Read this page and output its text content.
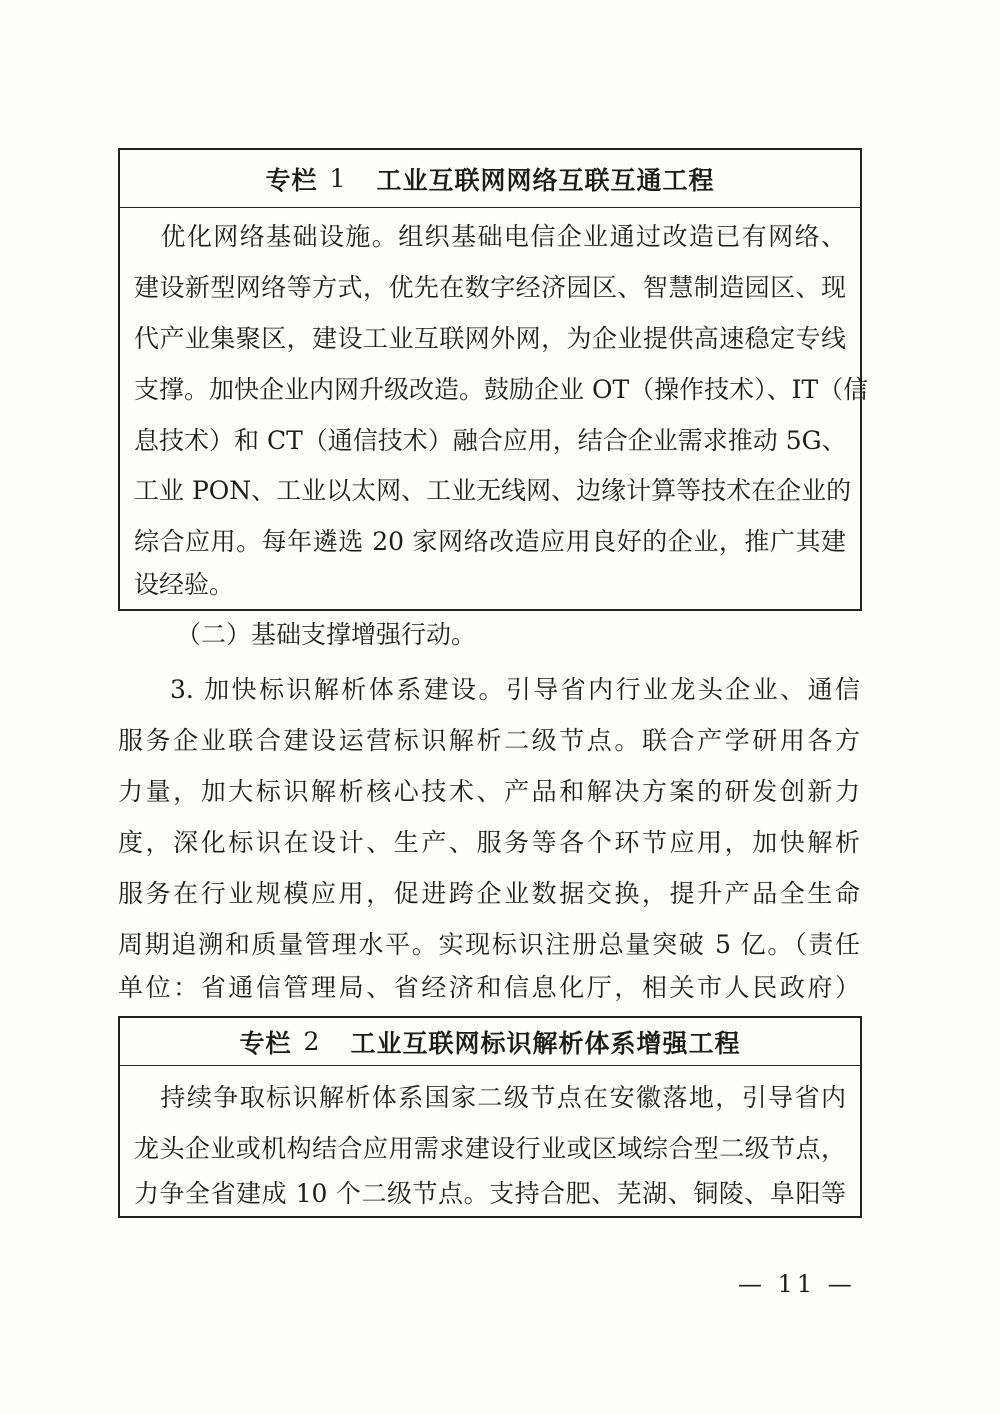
专栏 1 工业互联网网络互联互通工程
　优化网络基础设施。组织基础电信企业通过改造已有网络、
建设新型网络等方式，优先在数字经济园区、智慧制造园区、现
代产业集聚区，建设工业互联网外网，为企业提供高速稳定专线
支撑。加快企业内网升级改造。鼓励企业 OT（操作技术）、IT（信
息技术）和 CT（通信技术）融合应用，结合企业需求推动 5G、
工业 PON、工业以太网、工业无线网、边缘计算等技术在企业的
综合应用。每年遴选 20 家网络改造应用良好的企业，推广其建
设经验。
（二）基础支撑增强行动。
3. 加快标识解析体系建设。引导省内行业龙头企业、通信
服务企业联合建设运营标识解析二级节点。联合产学研用各方
力量，加大标识解析核心技术、产品和解决方案的研发创新力
度，深化标识在设计、生产、服务等各个环节应用，加快解析
服务在行业规模应用，促进跨企业数据交换，提升产品全生命
周期追溯和质量管理水平。实现标识注册总量突破 5 亿。（责任
单位：省通信管理局、省经济和信息化厅，相关市人民政府）
专栏 2 工业互联网标识解析体系增强工程
　持续争取标识解析体系国家二级节点在安徽落地，引导省内
龙头企业或机构结合应用需求建设行业或区域综合型二级节点，
力争全省建成 10 个二级节点。支持合肥、芜湖、铜陵、阜阳等
— 11 —
